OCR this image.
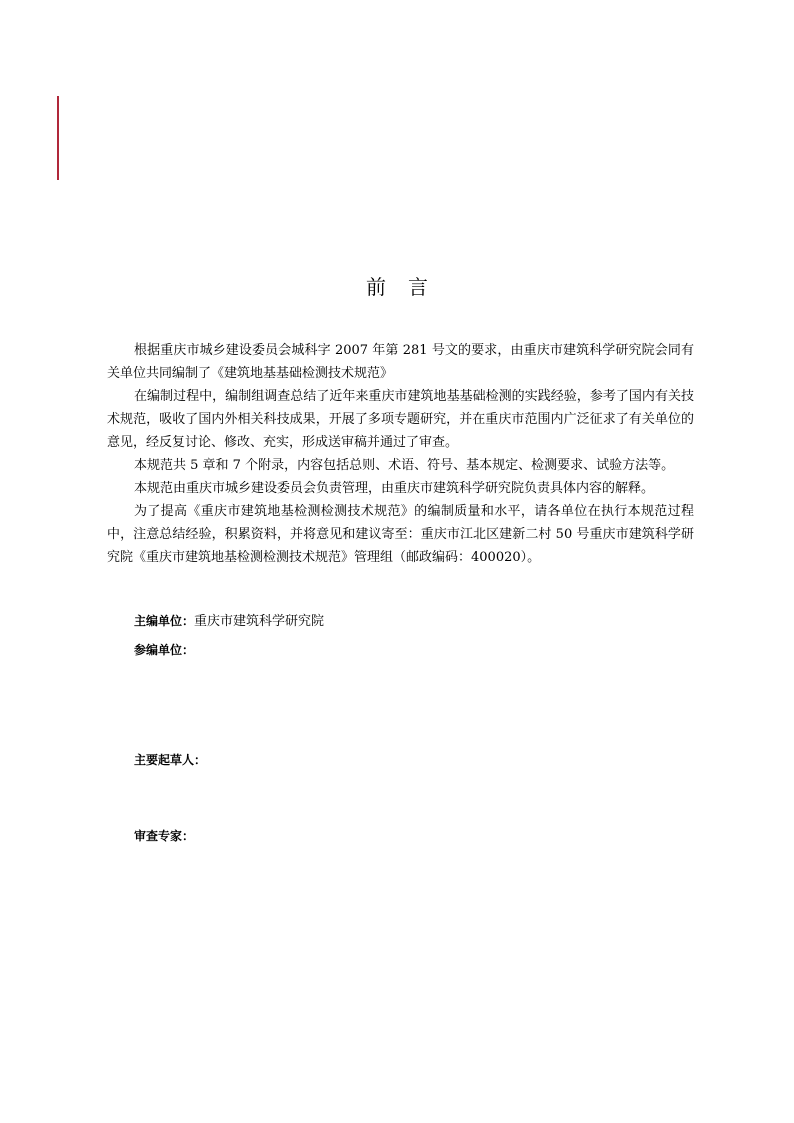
前言

根据重庆市城乡建设委员会城科字 2007 年第 281 号文的要求，由重庆市建筑科学研究院会同有关单位共同编制了《建筑地基基础检测技术规范》

在编制过程中，编制组调查总结了近年来重庆市建筑地基基础检测的实践经验，参考了国内有关技术规范，吸收了国内外相关科技成果，开展了多项专题研究，并在重庆市范围内广泛征求了有关单位的意见，经反复讨论、修改、充实，形成送审稿并通过了审查。

本规范共 5 章和 7 个附录，内容包括总则、术语、符号、基本规定、检测要求、试验方法等。

本规范由重庆市城乡建设委员会负责管理，由重庆市建筑科学研究院负责具体内容的解释。

为了提高《重庆市建筑地基检测检测技术规范》的编制质量和水平，请各单位在执行本规范过程中，注意总结经验，积累资料，并将意见和建议寄至：重庆市江北区建新二村 50 号重庆市建筑科学研究院《重庆市建筑地基检测检测技术规范》管理组（邮政编码：400020）。

主编单位：重庆市建筑科学研究院
参编单位：
主要起草人：
审查专家：
